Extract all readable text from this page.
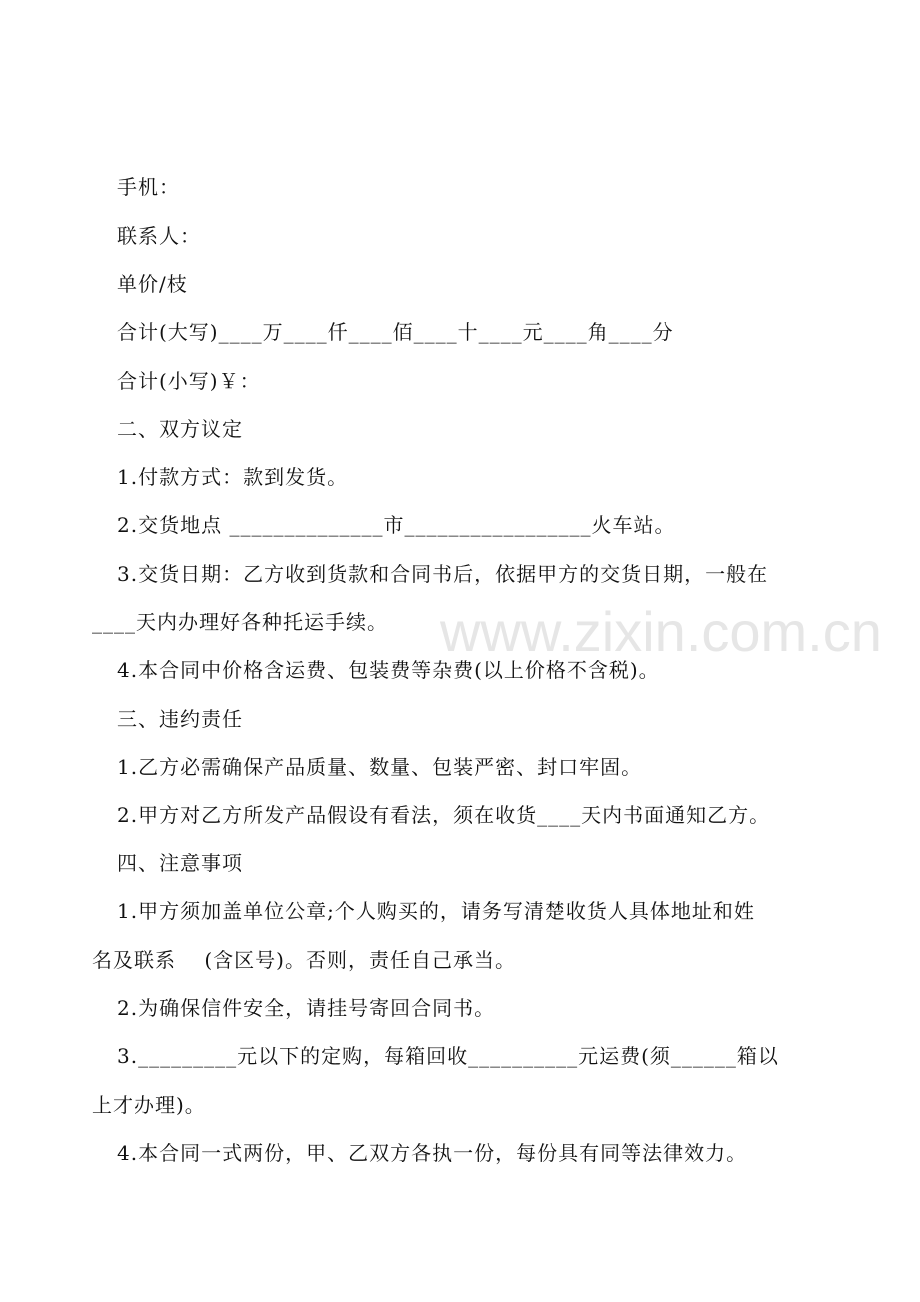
www.zixin.com.cn
手机：
联系人：
单价/枝
合计(大写)____万____仟____佰____十____元____角____分
合计(小写)￥：
二、双方议定
1.付款方式：款到发货。
2.交货地点 ______________市_________________火车站。
3.交货日期：乙方收到货款和合同书后，依据甲方的交货日期，一般在
____天内办理好各种托运手续。
4.本合同中价格含运费、包装费等杂费(以上价格不含税)。
三、违约责任
1.乙方必需确保产品质量、数量、包装严密、封口牢固。
2.甲方对乙方所发产品假设有看法，须在收货____天内书面通知乙方。
四、注意事项
1.甲方须加盖单位公章;个人购买的，请务写清楚收货人具体地址和姓
名及联系　 (含区号)。否则，责任自己承当。
2.为确保信件安全，请挂号寄回合同书。
3._________元以下的定购，每箱回收__________元运费(须______箱以
上才办理)。
4.本合同一式两份，甲、乙双方各执一份，每份具有同等法律效力。
